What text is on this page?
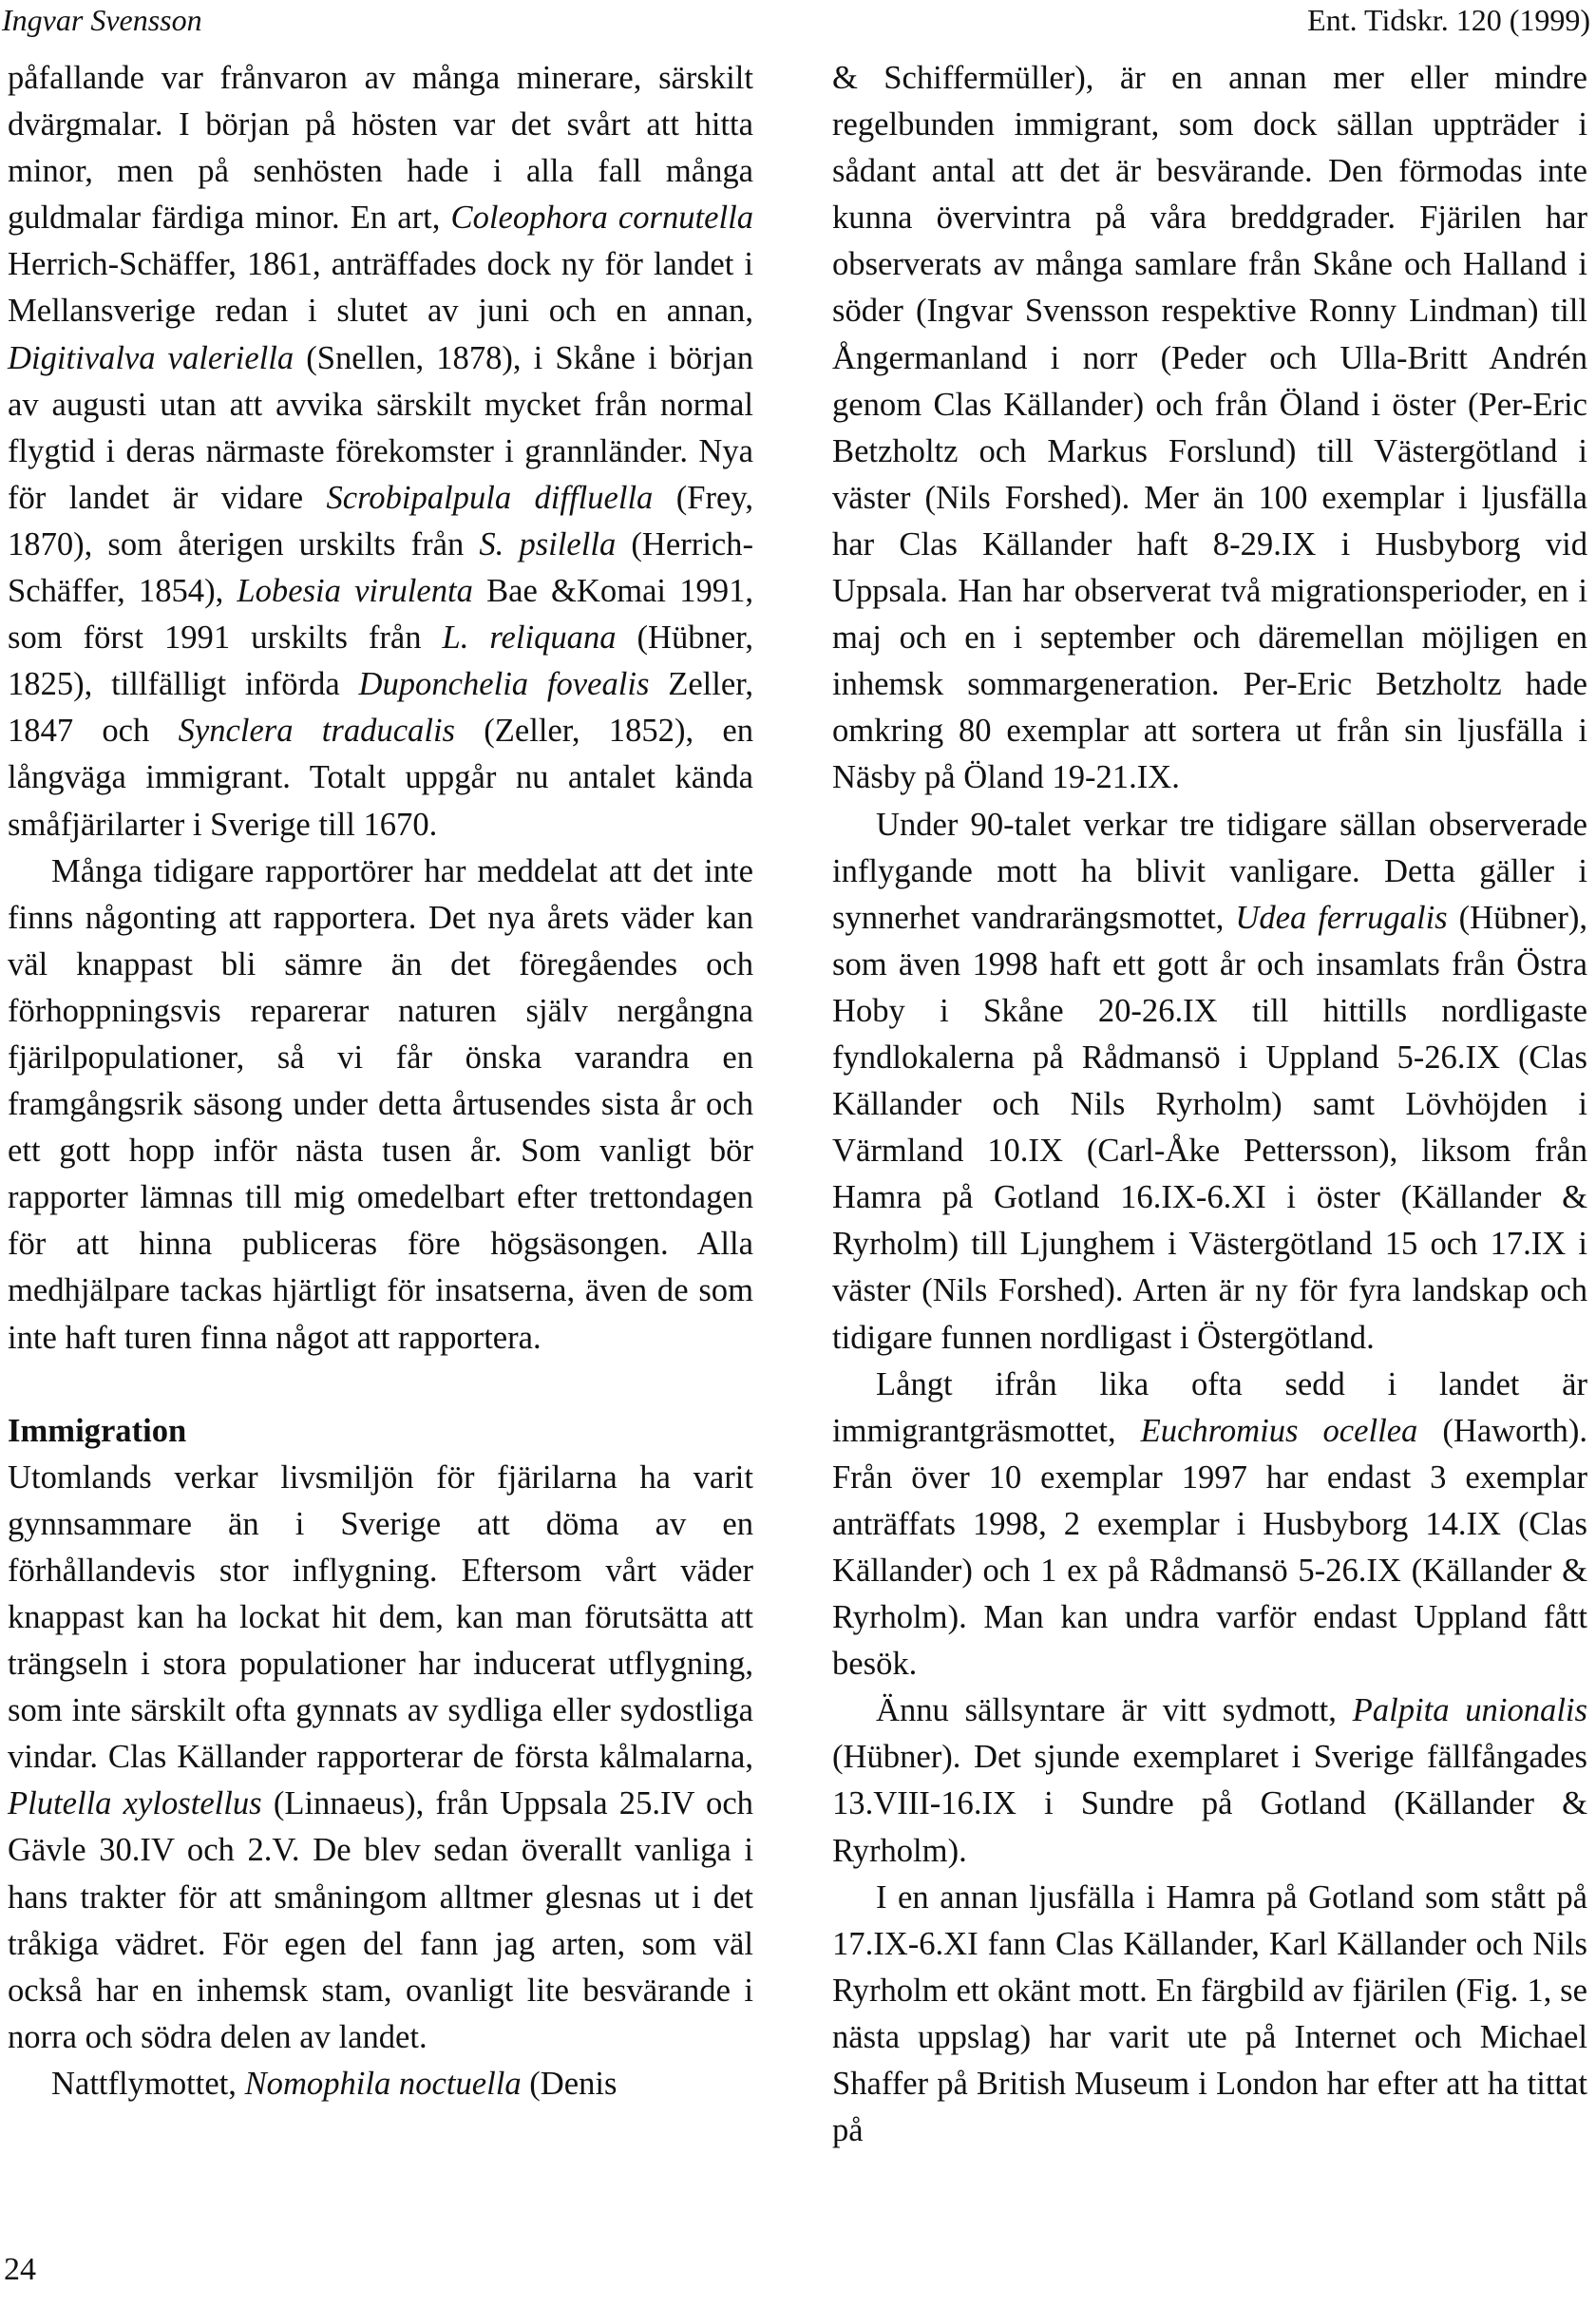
Ingvar Svensson	Ent. Tidskr. 120 (1999)

påfallande var frånvaron av många minerare, särskilt dvärgmalar. I början på hösten var det svårt att hitta minor, men på senhösten hade i alla fall många guldmalar färdiga minor. En art, Coleophora cornutella Herrich-Schäffer, 1861, anträffades dock ny för landet i Mellansverige redan i slutet av juni och en annan, Digitivalva valeriella (Snellen, 1878), i Skåne i början av augusti utan att avvika särskilt mycket från normal flygtid i deras närmaste förekomster i grannländer. Nya för landet är vidare Scrobipalpula diffluella (Frey, 1870), som återigen urskilts från S. psilella (Herrich-Schäffer, 1854), Lobesia virulenta Bae &Komai 1991, som först 1991 urskilts från L. reliquana (Hübner, 1825), tillfälligt införda Duponchelia fovealis Zeller, 1847 och Synclera traducalis (Zeller, 1852), en långväga immigrant. Totalt uppgår nu antalet kända småfjärilarter i Sverige till 1670.

Många tidigare rapportörer har meddelat att det inte finns någonting att rapportera. Det nya årets väder kan väl knappast bli sämre än det föregåendes och förhoppningsvis reparerar naturen själv nergångna fjärilpopulationer, så vi får önska varandra en framgångsrik säsong under detta årtusendes sista år och ett gott hopp inför nästa tusen år. Som vanligt bör rapporter lämnas till mig omedelbart efter trettondagen för att hinna publiceras före högsäsongen. Alla medhjälpare tackas hjärtligt för insatserna, även de som inte haft turen finna något att rapportera.

Immigration

Utomlands verkar livsmiljön för fjärilarna ha varit gynnsammare än i Sverige att döma av en förhållandevis stor inflygning. Eftersom vårt väder knappast kan ha lockat hit dem, kan man förutsätta att trängseln i stora populationer har inducerat utflygning, som inte särskilt ofta gynnats av sydliga eller sydostliga vindar. Clas Källander rapporterar de första kålmalarna, Plutella xylostellus (Linnaeus), från Uppsala 25.IV och Gävle 30.IV och 2.V. De blev sedan överallt vanliga i hans trakter för att småningom alltmer glesnas ut i det tråkiga vädret. För egen del fann jag arten, som väl också har en inhemsk stam, ovanligt lite besvärande i norra och södra delen av landet.

Nattflymottet, Nomophila noctuella (Denis

& Schiffermüller), är en annan mer eller mindre regelbunden immigrant, som dock sällan uppträder i sådant antal att det är besvärande. Den förmodas inte kunna övervintra på våra breddgrader. Fjärilen har observerats av många samlare från Skåne och Halland i söder (Ingvar Svensson respektive Ronny Lindman) till Ångermanland i norr (Peder och Ulla-Britt Andrén genom Clas Källander) och från Öland i öster (Per-Eric Betzholtz och Markus Forslund) till Västergötland i väster (Nils Forshed). Mer än 100 exemplar i ljusfälla har Clas Källander haft 8-29.IX i Husbyborg vid Uppsala. Han har observerat två migrationsperioder, en i maj och en i september och däremellan möjligen en inhemsk sommargeneration. Per-Eric Betzholtz hade omkring 80 exemplar att sortera ut från sin ljusfälla i Näsby på Öland 19-21.IX.

Under 90-talet verkar tre tidigare sällan observerade inflygande mott ha blivit vanligare. Detta gäller i synnerhet vandrarängsmottet, Udea ferrugalis (Hübner), som även 1998 haft ett gott år och insamlats från Östra Hoby i Skåne 20-26.IX till hittills nordligaste fyndlokalerna på Rådmansö i Uppland 5-26.IX (Clas Källander och Nils Ryrholm) samt Lövhöjden i Värmland 10.IX (Carl-Åke Pettersson), liksom från Hamra på Gotland 16.IX-6.XI i öster (Källander & Ryrholm) till Ljunghem i Västergötland 15 och 17.IX i väster (Nils Forshed). Arten är ny för fyra landskap och tidigare funnen nordligast i Östergötland.

Långt ifrån lika ofta sedd i landet är immigrantgräsmottet, Euchromius ocellea (Haworth). Från över 10 exemplar 1997 har endast 3 exemplar anträffats 1998, 2 exemplar i Husbyborg 14.IX (Clas Källander) och 1 ex på Rådmansö 5-26.IX (Källander & Ryrholm). Man kan undra varför endast Uppland fått besök.

Ännu sällsyntare är vitt sydmott, Palpita unionalis (Hübner). Det sjunde exemplaret i Sverige fällfångades 13.VIII-16.IX i Sundre på Gotland (Källander & Ryrholm).

I en annan ljusfälla i Hamra på Gotland som stått på 17.IX-6.XI fann Clas Källander, Karl Källander och Nils Ryrholm ett okänt mott. En färgbild av fjärilen (Fig. 1, se nästa uppslag) har varit ute på Internet och Michael Shaffer på British Museum i London har efter att ha tittat på

24
